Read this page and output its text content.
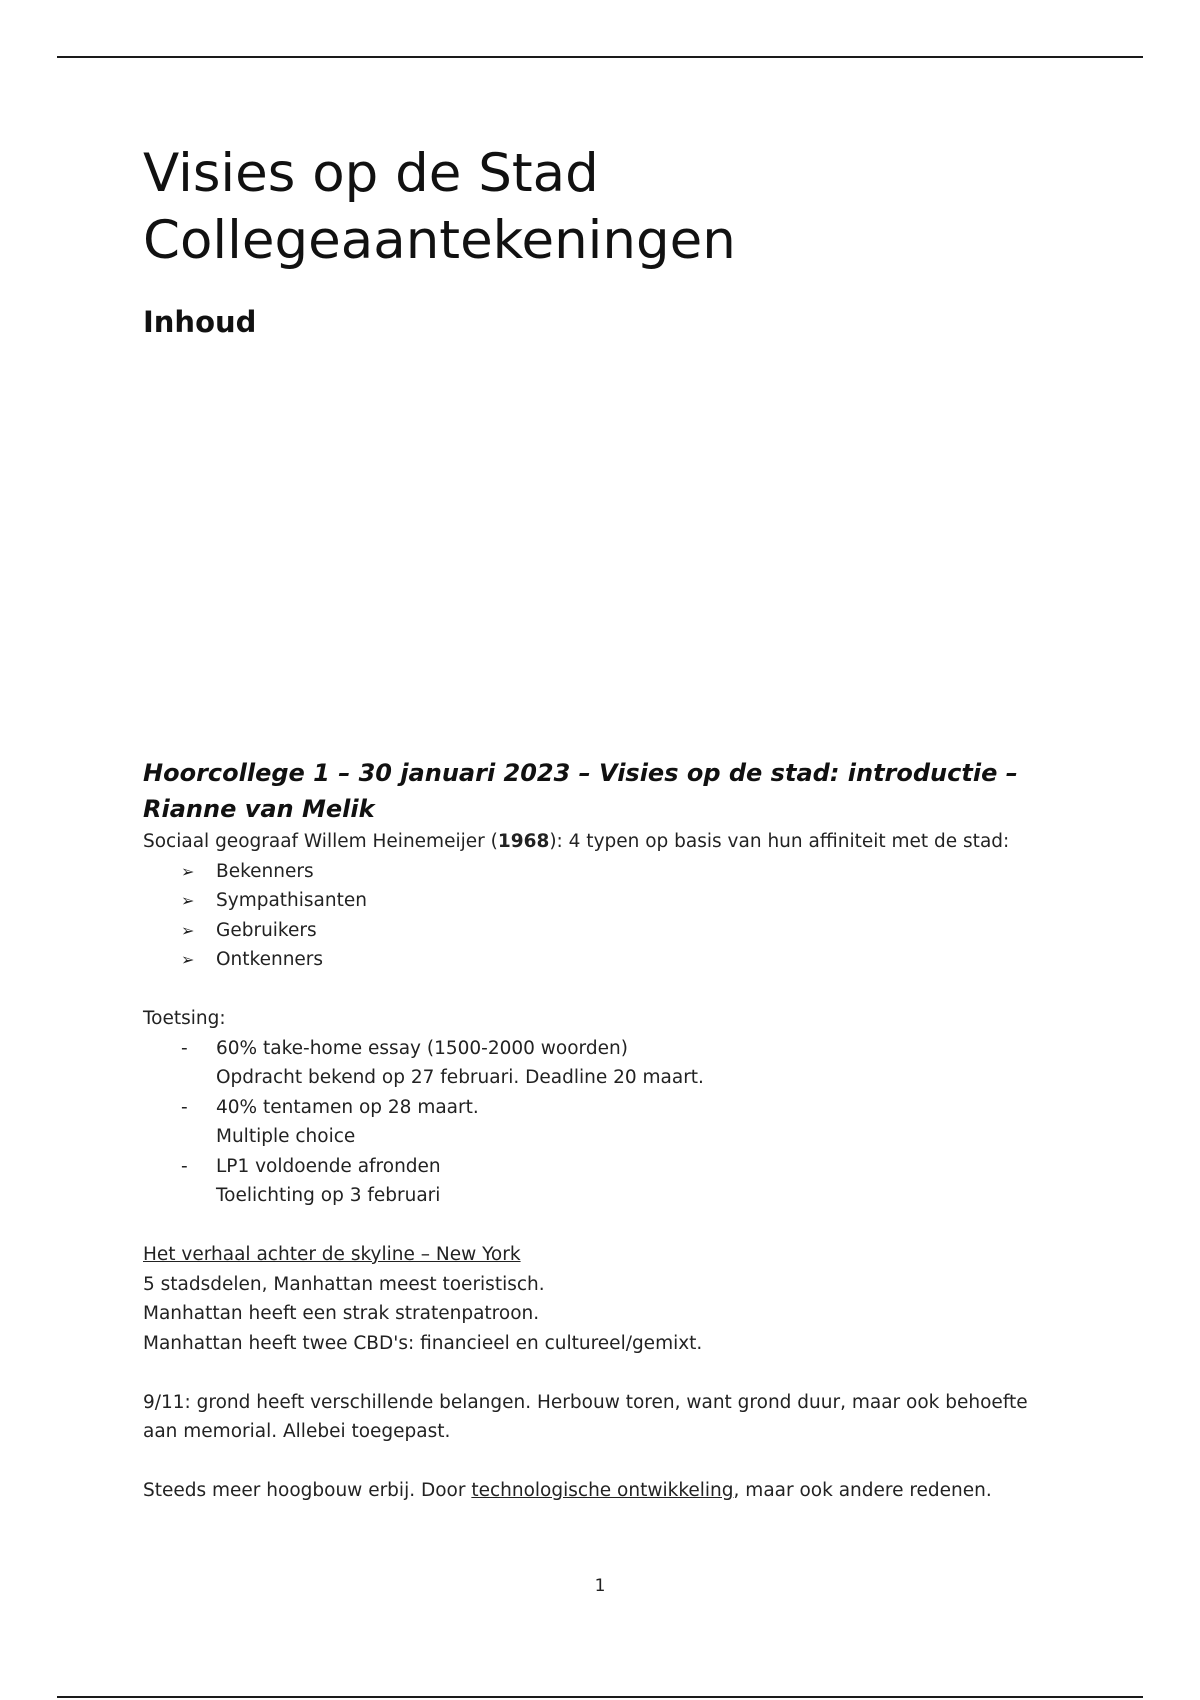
Visies op de Stad
Collegeaantekeningen
Inhoud
Hoorcollege 1 – 30 januari 2023 – Visies op de stad: introductie – Rianne van Melik

Sociaal geograaf Willem Heinemeijer (1968): 4 typen op basis van hun affiniteit met de stad:

➢ Bekenners
➢ Sympathisanten
➢ Gebruikers
➢ Ontkenners

Toetsing:

- 60% take-home essay (1500-2000 woorden)
Opdracht bekend op 27 februari. Deadline 20 maart.
- 40% tentamen op 28 maart.
Multiple choice
- LP1 voldoende afronden
Toelichting op 3 februari

Het verhaal achter de skyline – New York

5 stadsdelen, Manhattan meest toeristisch.

Manhattan heeft een strak stratenpatroon.

Manhattan heeft twee CBD's: financieel en cultureel/gemixt.

9/11: grond heeft verschillende belangen. Herbouw toren, want grond duur, maar ook behoefte aan memorial. Allebei toegepast.

Steeds meer hoogbouw erbij. Door technologische ontwikkeling, maar ook andere redenen.

1
